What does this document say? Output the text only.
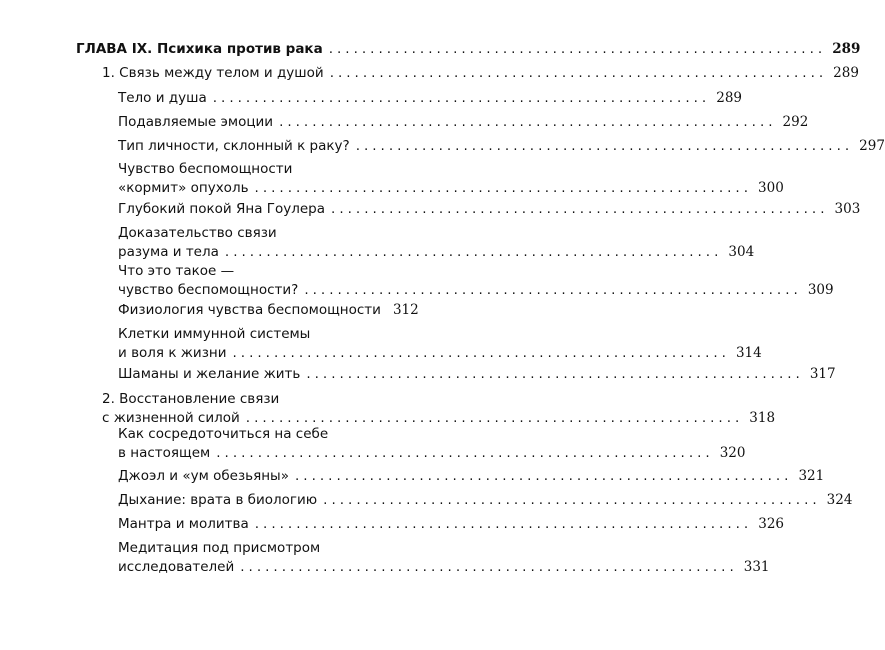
ГЛАВА IX. Психика против рака ............................................................ 289
1. Связь между телом и душой ............................................................ 289
Тело и душа ............................................................ 289
Подавляемые эмоции ............................................................ 292
Тип личности, склонный к раку? ............................................................ 297
Чувство беспомощности
«кормит» опухоль ............................................................ 300
Глубокий покой Яна Гоулера ............................................................ 303
Доказательство связи
разума и тела ............................................................ 304
Что это такое —
чувство беспомощности? ............................................................ 309
Физиология чувства беспомощности 312
Клетки иммунной системы
и воля к жизни ............................................................ 314
Шаманы и желание жить ............................................................ 317
2. Восстановление связи
с жизненной силой ............................................................ 318
Как сосредоточиться на себе
в настоящем ............................................................ 320
Джоэл и «ум обезьяны» ............................................................ 321
Дыхание: врата в биологию ............................................................ 324
Мантра и молитва ............................................................ 326
Медитация под присмотром
исследователей ............................................................ 331
